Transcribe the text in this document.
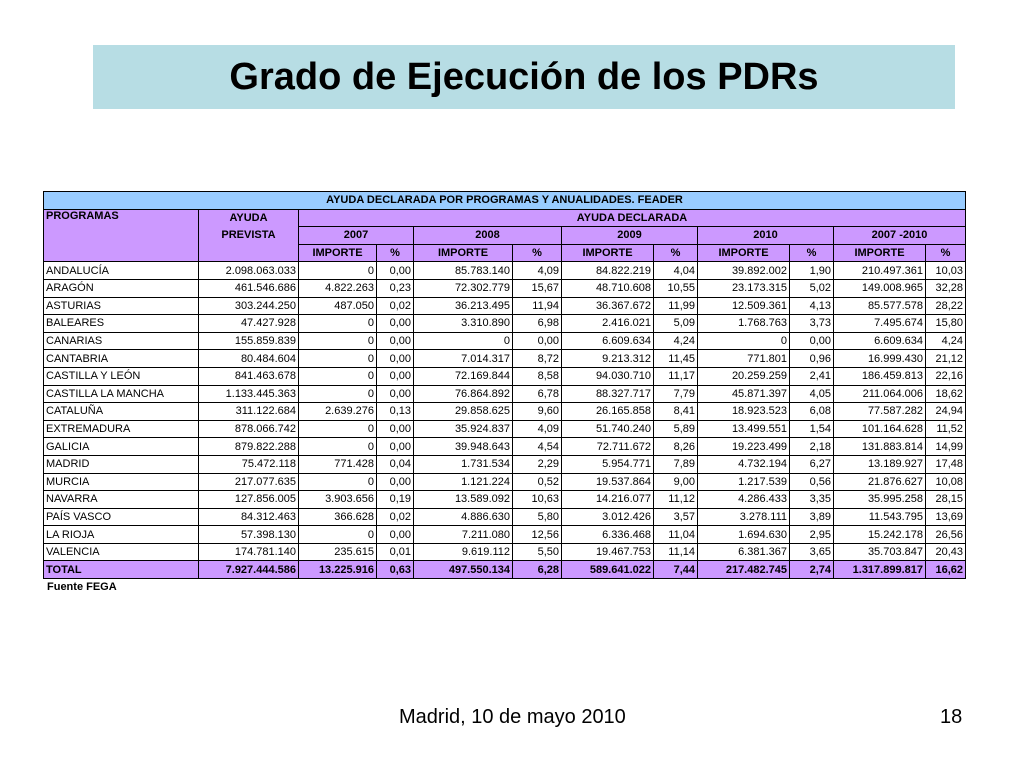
Grado de Ejecución de los PDRs
AYUDA DECLARADA POR PROGRAMAS Y ANUALIDADES. FEADER											
PROGRAMAS	AYUDA	AYUDA DECLARADA									
	PREVISTA	2007		2008		2009		2010		2007 -2010	
		IMPORTE	%	IMPORTE	%	IMPORTE	%	IMPORTE	%	IMPORTE	%
ANDALUCÍA	2.098.063.033	0	0,00	85.783.140	4,09	84.822.219	4,04	39.892.002	1,90	210.497.361	10,03
ARAGÓN	461.546.686	4.822.263	0,23	72.302.779	15,67	48.710.608	10,55	23.173.315	5,02	149.008.965	32,28
ASTURIAS	303.244.250	487.050	0,02	36.213.495	11,94	36.367.672	11,99	12.509.361	4,13	85.577.578	28,22
BALEARES	47.427.928	0	0,00	3.310.890	6,98	2.416.021	5,09	1.768.763	3,73	7.495.674	15,80
CANARIAS	155.859.839	0	0,00	0	0,00	6.609.634	4,24	0	0,00	6.609.634	4,24
CANTABRIA	80.484.604	0	0,00	7.014.317	8,72	9.213.312	11,45	771.801	0,96	16.999.430	21,12
CASTILLA Y LEÓN	841.463.678	0	0,00	72.169.844	8,58	94.030.710	11,17	20.259.259	2,41	186.459.813	22,16
CASTILLA LA MANCHA	1.133.445.363	0	0,00	76.864.892	6,78	88.327.717	7,79	45.871.397	4,05	211.064.006	18,62
CATALUÑA	311.122.684	2.639.276	0,13	29.858.625	9,60	26.165.858	8,41	18.923.523	6,08	77.587.282	24,94
EXTREMADURA	878.066.742	0	0,00	35.924.837	4,09	51.740.240	5,89	13.499.551	1,54	101.164.628	11,52
GALICIA	879.822.288	0	0,00	39.948.643	4,54	72.711.672	8,26	19.223.499	2,18	131.883.814	14,99
MADRID	75.472.118	771.428	0,04	1.731.534	2,29	5.954.771	7,89	4.732.194	6,27	13.189.927	17,48
MURCIA	217.077.635	0	0,00	1.121.224	0,52	19.537.864	9,00	1.217.539	0,56	21.876.627	10,08
NAVARRA	127.856.005	3.903.656	0,19	13.589.092	10,63	14.216.077	11,12	4.286.433	3,35	35.995.258	28,15
PAÍS VASCO	84.312.463	366.628	0,02	4.886.630	5,80	3.012.426	3,57	3.278.111	3,89	11.543.795	13,69
LA RIOJA	57.398.130	0	0,00	7.211.080	12,56	6.336.468	11,04	1.694.630	2,95	15.242.178	26,56
VALENCIA	174.781.140	235.615	0,01	9.619.112	5,50	19.467.753	11,14	6.381.367	3,65	35.703.847	20,43
TOTAL	7.927.444.586	13.225.916	0,63	497.550.134	6,28	589.641.022	7,44	217.482.745	2,74	1.317.899.817	16,62
Fuente FEGA
Madrid, 10 de mayo 2010	18
